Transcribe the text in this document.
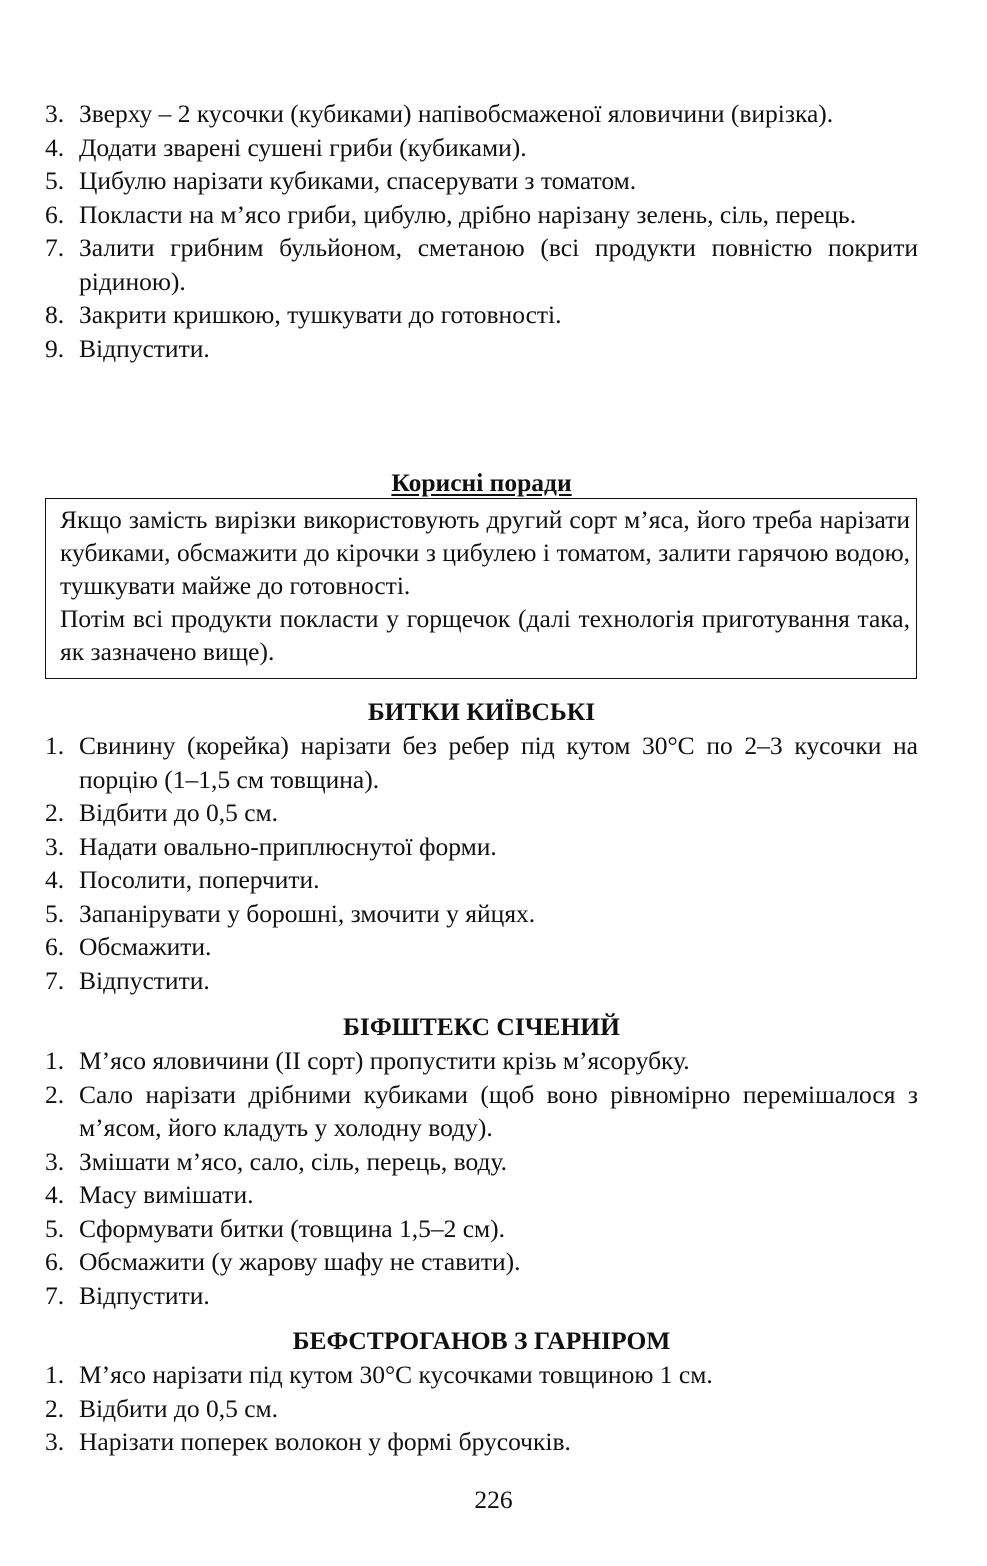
3. Зверху – 2 кусочки (кубиками) напівобсмаженої яловичини (вирізка).
4. Додати зварені сушені гриби (кубиками).
5. Цибулю нарізати кубиками, спасерувати з томатом.
6. Покласти на м’ясо гриби, цибулю, дрібно нарізану зелень, сіль, перець.
7. Залити грибним бульйоном, сметаною (всі продукти повністю покрити рідиною).
8. Закрити кришкою, тушкувати до готовності.
9. Відпустити.
Корисні поради

Якщо замість вирізки використовують другий сорт м’яса, його треба нарізати кубиками, обсмажити до кірочки з цибулею і томатом, залити гарячою водою, тушкувати майже до готовності.

Потім всі продукти покласти у горщечок (далі технологія приготування така, як зазначено вище).

БИТКИ КИЇВСЬКІ
1. Свинину (корейка) нарізати без ребер під кутом 30°С по 2–3 кусочки на порцію (1–1,5 см товщина).
2. Відбити до 0,5 см.
3. Надати овально-приплюснутої форми.
4. Посолити, поперчити.
5. Запанірувати у борошні, змочити у яйцях.
6. Обсмажити.
7. Відпустити.
БІФШТЕКС СІЧЕНИЙ
1. М’ясо яловичини (ІІ сорт) пропустити крізь м’ясорубку.
2. Сало нарізати дрібними кубиками (щоб воно рівномірно перемішалося з м’ясом, його кладуть у холодну воду).
3. Змішати м’ясо, сало, сіль, перець, воду.
4. Масу вимішати.
5. Сформувати битки (товщина 1,5–2 см).
6. Обсмажити (у жарову шафу не ставити).
7. Відпустити.
БЕФСТРОГАНОВ З ГАРНІРОМ
1. М’ясо нарізати під кутом 30°С кусочками товщиною 1 см.
2. Відбити до 0,5 см.
3. Нарізати поперек волокон у формі брусочків.
226
